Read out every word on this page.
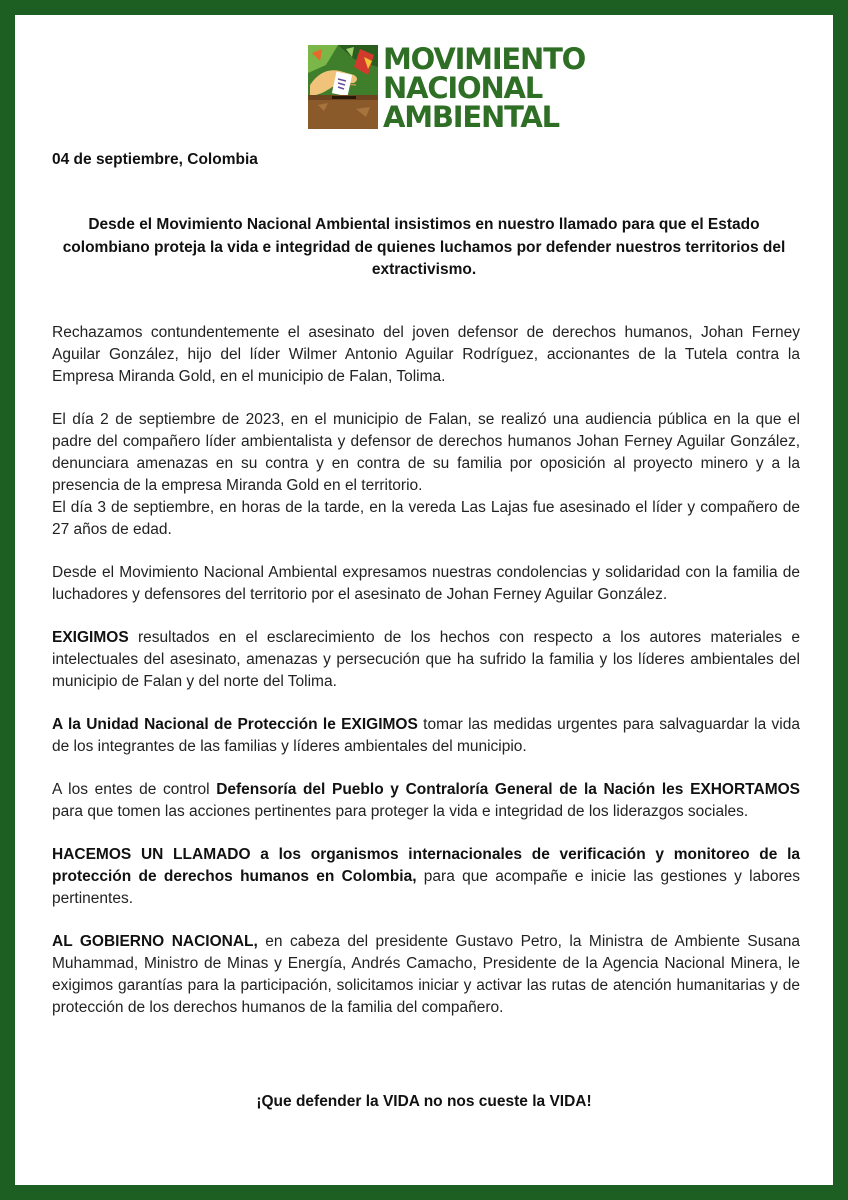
MOVIMIENTO
NACIONAL
AMBIENTAL
04 de septiembre, Colombia
Desde el Movimiento Nacional Ambiental insistimos en nuestro llamado para que el Estado colombiano proteja la vida e integridad de quienes luchamos por defender nuestros territorios del extractivismo.

Rechazamos contundentemente el asesinato del joven defensor de derechos humanos, Johan Ferney Aguilar González, hijo del líder Wilmer Antonio Aguilar Rodríguez, accionantes de la Tutela contra la Empresa Miranda Gold, en el municipio de Falan, Tolima.

El día 2 de septiembre de 2023, en el municipio de Falan, se realizó una audiencia pública en la que el padre del compañero líder ambientalista y defensor de derechos humanos Johan Ferney Aguilar González, denunciara amenazas en su contra y en contra de su familia por oposición al proyecto minero y a la presencia de la empresa Miranda Gold en el territorio.

El día 3 de septiembre, en horas de la tarde, en la vereda Las Lajas fue asesinado el líder y compañero de 27 años de edad.

Desde el Movimiento Nacional Ambiental expresamos nuestras condolencias y solidaridad con la familia de luchadores y defensores del territorio por el asesinato de Johan Ferney Aguilar González.

EXIGIMOS resultados en el esclarecimiento de los hechos con respecto a los autores materiales e intelectuales del asesinato, amenazas y persecución que ha sufrido la familia y los líderes ambientales del municipio de Falan y del norte del Tolima.

A la Unidad Nacional de Protección le EXIGIMOS tomar las medidas urgentes para salvaguardar la vida de los integrantes de las familias y líderes ambientales del municipio.

A los entes de control Defensoría del Pueblo y Contraloría General de la Nación les EXHORTAMOS para que tomen las acciones pertinentes para proteger la vida e integridad de los liderazgos sociales.

HACEMOS UN LLAMADO a los organismos internacionales de verificación y monitoreo de la protección de derechos humanos en Colombia, para que acompañe e inicie las gestiones y labores pertinentes.

AL GOBIERNO NACIONAL, en cabeza del presidente Gustavo Petro, la Ministra de Ambiente Susana Muhammad, Ministro de Minas y Energía, Andrés Camacho, Presidente de la Agencia Nacional Minera, le exigimos garantías para la participación, solicitamos iniciar y activar las rutas de atención humanitarias y de protección de los derechos humanos de la familia del compañero.

¡Que defender la VIDA no nos cueste la VIDA!
